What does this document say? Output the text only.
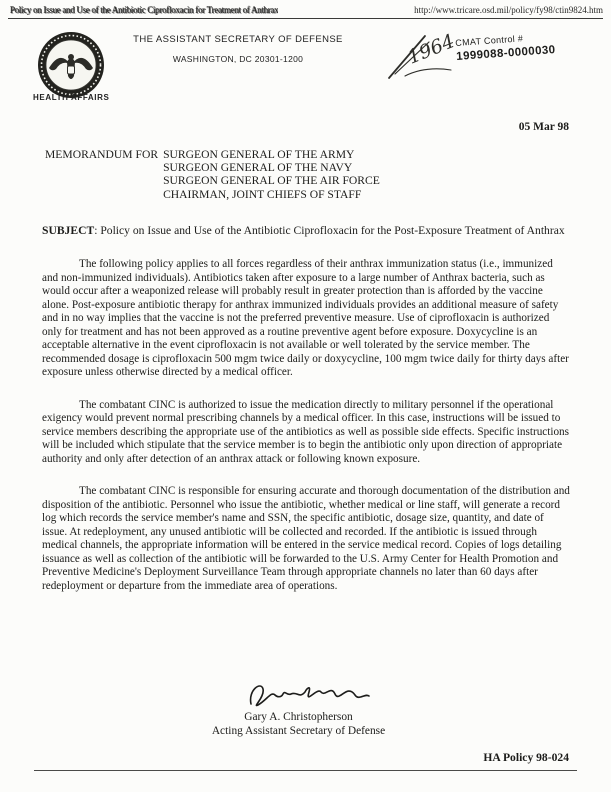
Policy on Issue and Use of the Antibiotic Ciprofloxacin for Treatment of Anthrax	http://www.tricare.osd.mil/policy/fy98/ctin9824.htm
HEALTH AFFAIRS
THE ASSISTANT SECRETARY OF DEFENSE
WASHINGTON, DC 20301-1200	1964
CMAT Control #
1999088-0000030
05 Mar 98
MEMORANDUM FOR SURGEON GENERAL OF THE ARMY
SURGEON GENERAL OF THE NAVY
SURGEON GENERAL OF THE AIR FORCE
CHAIRMAN, JOINT CHIEFS OF STAFF
SUBJECT: Policy on Issue and Use of the Antibiotic Ciprofloxacin for the Post-Exposure Treatment of Anthrax

The following policy applies to all forces regardless of their anthrax immunization status (i.e., immunized and non-immunized individuals). Antibiotics taken after exposure to a large number of Anthrax bacteria, such as would occur after a weaponized release will probably result in greater protection than is afforded by the vaccine alone. Post-exposure antibiotic therapy for anthrax immunized individuals provides an additional measure of safety and in no way implies that the vaccine is not the preferred preventive measure. Use of ciprofloxacin is authorized only for treatment and has not been approved as a routine preventive agent before exposure. Doxycycline is an acceptable alternative in the event ciprofloxacin is not available or well tolerated by the service member. The recommended dosage is ciprofloxacin 500 mgm twice daily or doxycycline, 100 mgm twice daily for thirty days after exposure unless otherwise directed by a medical officer.

The combatant CINC is authorized to issue the medication directly to military personnel if the operational exigency would prevent normal prescribing channels by a medical officer. In this case, instructions will be issued to service members describing the appropriate use of the antibiotics as well as possible side effects. Specific instructions will be included which stipulate that the service member is to begin the antibiotic only upon direction of appropriate authority and only after detection of an anthrax attack or following known exposure.

The combatant CINC is responsible for ensuring accurate and thorough documentation of the distribution and disposition of the antibiotic. Personnel who issue the antibiotic, whether medical or line staff, will generate a record log which records the service member's name and SSN, the specific antibiotic, dosage size, quantity, and date of issue. At redeployment, any unused antibiotic will be collected and recorded. If the antibiotic is issued through medical channels, the appropriate information will be entered in the service medical record. Copies of logs detailing issuance as well as collection of the antibiotic will be forwarded to the U.S. Army Center for Health Promotion and Preventive Medicine's Deployment Surveillance Team through appropriate channels no later than 60 days after redeployment or departure from the immediate area of operations.

Gary A. Christopherson
Acting Assistant Secretary of Defense
HA Policy 98-024
